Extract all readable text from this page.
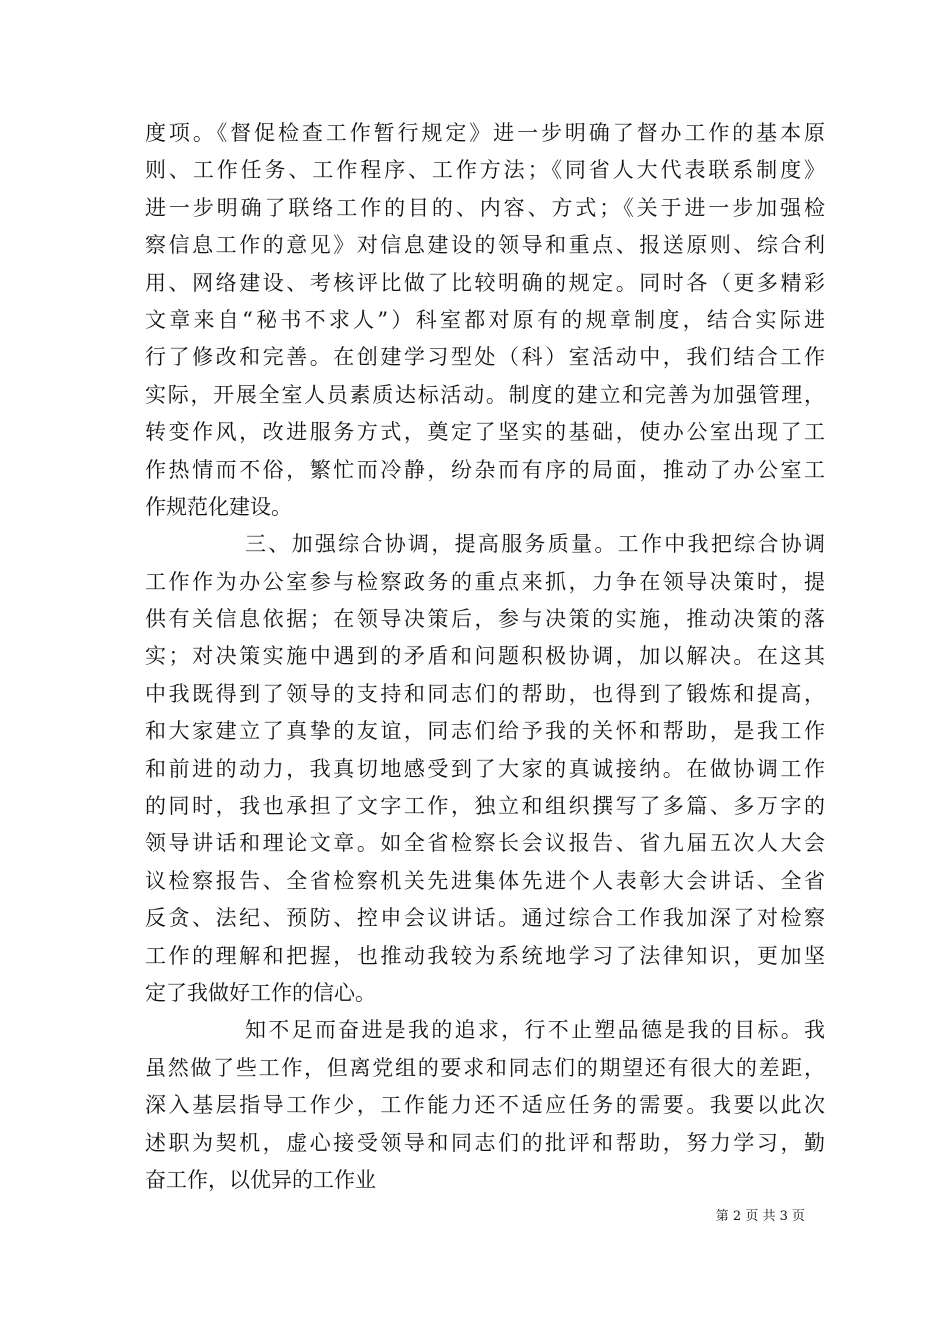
度项。《督促检查工作暂行规定》进一步明确了督办工作的基本原
则、工作任务、工作程序、工作方法；《同省人大代表联系制度》
进一步明确了联络工作的目的、内容、方式；《关于进一步加强检
察信息工作的意见》对信息建设的领导和重点、报送原则、综合利
用、网络建设、考核评比做了比较明确的规定。同时各（更多精彩
文章来自“秘书不求人”）科室都对原有的规章制度，结合实际进
行了修改和完善。在创建学习型处（科）室活动中，我们结合工作
实际，开展全室人员素质达标活动。制度的建立和完善为加强管理，
转变作风，改进服务方式，奠定了坚实的基础，使办公室出现了工
作热情而不俗，繁忙而冷静，纷杂而有序的局面，推动了办公室工
作规范化建设。
三、加强综合协调，提高服务质量。工作中我把综合协调
工作作为办公室参与检察政务的重点来抓，力争在领导决策时，提
供有关信息依据；在领导决策后，参与决策的实施，推动决策的落
实；对决策实施中遇到的矛盾和问题积极协调，加以解决。在这其
中我既得到了领导的支持和同志们的帮助，也得到了锻炼和提高，
和大家建立了真挚的友谊，同志们给予我的关怀和帮助，是我工作
和前进的动力，我真切地感受到了大家的真诚接纳。在做协调工作
的同时，我也承担了文字工作，独立和组织撰写了多篇、多万字的
领导讲话和理论文章。如全省检察长会议报告、省九届五次人大会
议检察报告、全省检察机关先进集体先进个人表彰大会讲话、全省
反贪、法纪、预防、控申会议讲话。通过综合工作我加深了对检察
工作的理解和把握，也推动我较为系统地学习了法律知识，更加坚
定了我做好工作的信心。
知不足而奋进是我的追求，行不止塑品德是我的目标。我
虽然做了些工作，但离党组的要求和同志们的期望还有很大的差距，
深入基层指导工作少，工作能力还不适应任务的需要。我要以此次
述职为契机，虚心接受领导和同志们的批评和帮助，努力学习，勤
奋工作，以优异的工作业
第 2 页 共 3 页
